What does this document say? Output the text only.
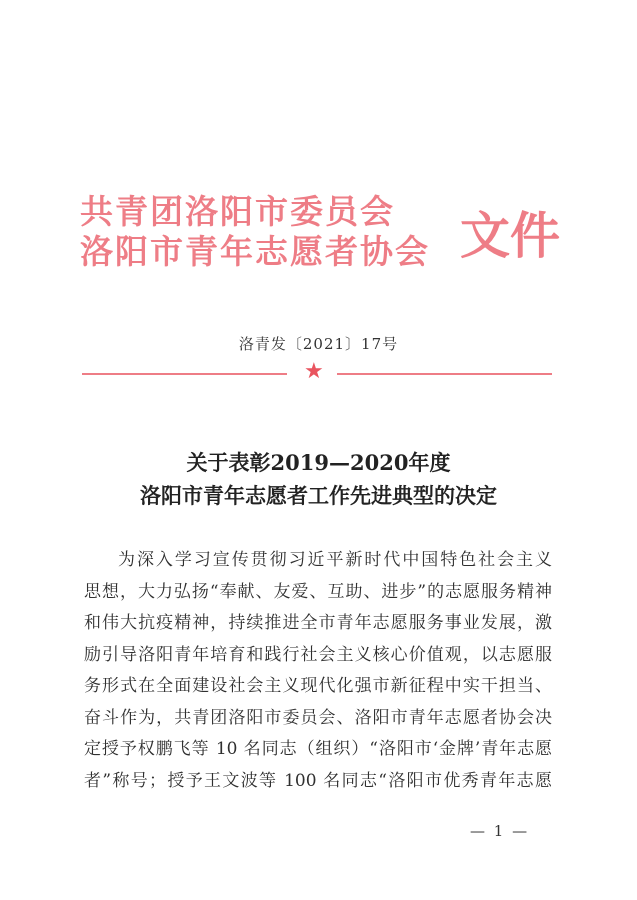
共青团洛阳市委员会
洛阳市青年志愿者协会 文件
洛青发〔2021〕17号
★
关于表彰2019—2020年度
洛阳市青年志愿者工作先进典型的决定
为深入学习宣传贯彻习近平新时代中国特色社会主义
思想，大力弘扬“奉献、友爱、互助、进步”的志愿服务精神
和伟大抗疫精神，持续推进全市青年志愿服务事业发展，激
励引导洛阳青年培育和践行社会主义核心价值观，以志愿服
务形式在全面建设社会主义现代化强市新征程中实干担当、
奋斗作为，共青团洛阳市委员会、洛阳市青年志愿者协会决
定授予权鹏飞等 10 名同志（组织）“洛阳市‘金牌’青年志愿
者”称号；授予王文波等 100 名同志“洛阳市优秀青年志愿
— 1 —
